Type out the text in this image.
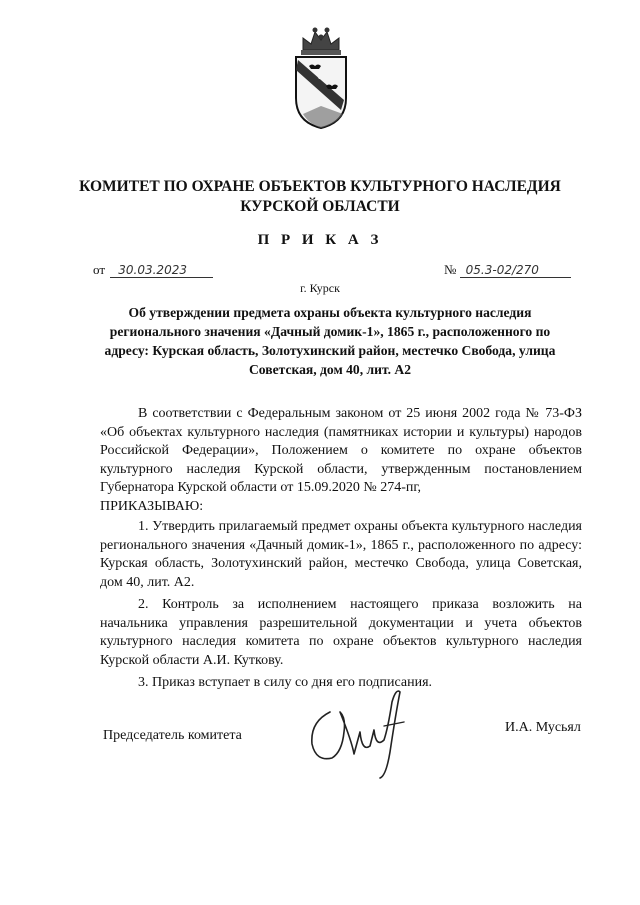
КОМИТЕТ ПО ОХРАНЕ ОБЪЕКТОВ КУЛЬТУРНОГО НАСЛЕДИЯ
КУРСКОЙ ОБЛАСТИ
П Р И К А З
от 30.03.2023	№ 05.3-02/270
г. Курск
Об утверждении предмета охраны объекта культурного наследия регионального значения «Дачный домик-1», 1865 г., расположенного по адресу: Курская область, Золотухинский район, местечко Свобода, улица Советская, дом 40, лит. А2

В соответствии с Федеральным законом от 25 июня 2002 года № 73-ФЗ «Об объектах культурного наследия (памятниках истории и культуры) народов Российской Федерации», Положением о комитете по охране объектов культурного наследия Курской области, утвержденным постановлением Губернатора Курской области от 15.09.2020 № 274-пг,

ПРИКАЗЫВАЮ:

1. Утвердить прилагаемый предмет охраны объекта культурного наследия регионального значения «Дачный домик-1», 1865 г., расположенного по адресу: Курская область, Золотухинский район, местечко Свобода, улица Советская, дом 40, лит. А2.

2. Контроль за исполнением настоящего приказа возложить на начальника управления разрешительной документации и учета объектов культурного наследия комитета по охране объектов культурного наследия Курской области А.И. Куткову.

3. Приказ вступает в силу со дня его подписания.

Председатель комитета
И.А. Мусьял
